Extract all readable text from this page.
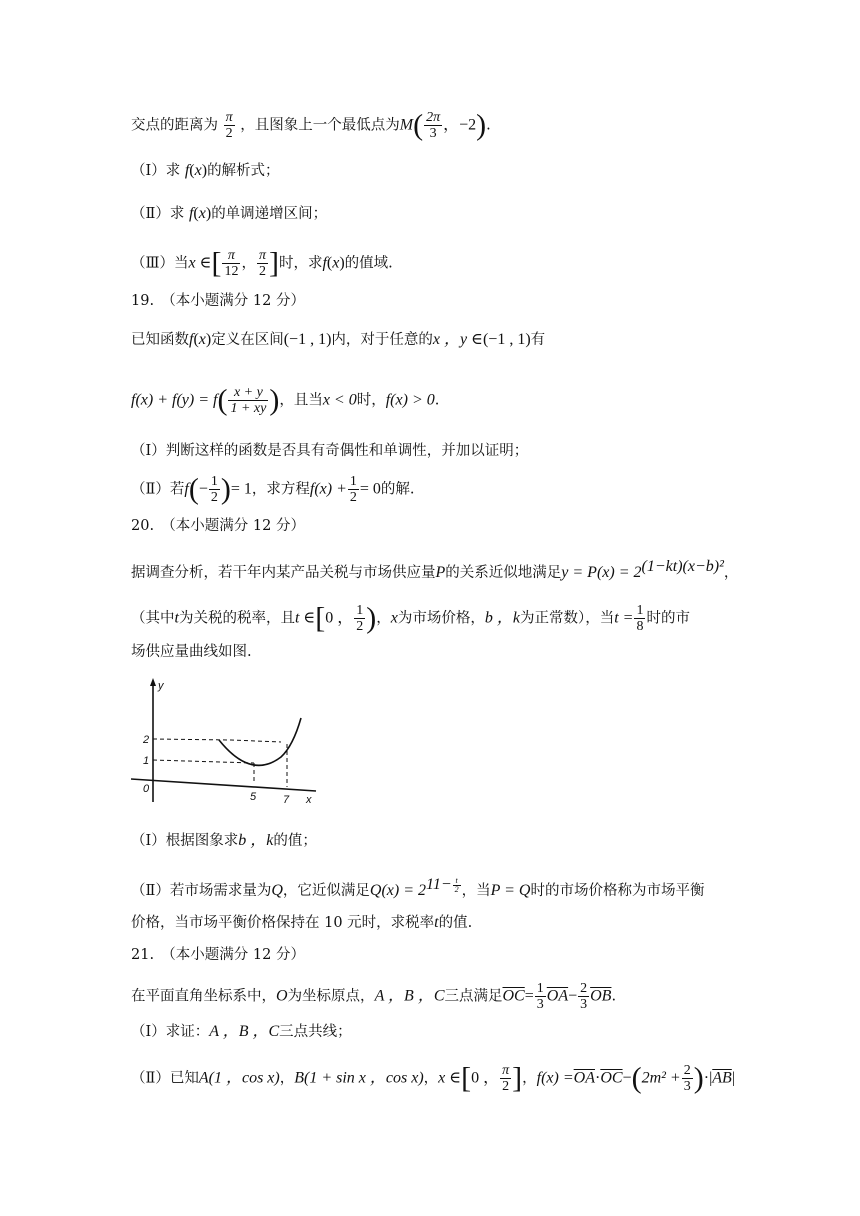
交点的距离为 $\frac{\pi}{2}$ ，且图象上一个最低点为$M( \frac{2\pi}{3}$ ，−2).
（Ⅰ）求 f(x)的解析式；
（Ⅱ）求 f(x)的单调递增区间；
（Ⅲ）当x ∈[ $\frac{\pi}{12}$ ， $\frac{\pi}{2}$ ]时，求f(x)的值域.
19.　（本小题满分 12 分）
已知函数f(x)定义在区间(−1 , 1)内，对于任意的x ，y ∈(−1 , 1)有
$f(x) + f(y) = f( \frac{x + y}{1 + xy}$ )，且当x < 0时，f(x) > 0.
（Ⅰ）判断这样的函数是否具有奇偶性和单调性，并加以证明；
（Ⅱ）若$f(- \frac{1}{2}$ )= 1，求方程$f(x) + \frac{1}{2} = 0$的解.
20.　（本小题满分 12 分）
据调查分析，若干年内某产品关税与市场供应量P的关系近似地满足$y = P(x) = 2^{(1-kt)(x-b)^2}$，
（其中t为关税的税率，且t ∈[0 ， $\frac{1}{2}$ )，x为市场价格，b ，k为正常数），当$t = \frac{1}{8}$ 时的市
场供应量曲线如图.
y
x
0
2
1
5 7
（Ⅰ）根据图象求b ，k的值；
（Ⅱ）若市场需求量为Q，它近似满足$Q(x) = 2^{11- \frac{t}{2}}$ ，当P = Q时的市场价格称为市场平衡
价格，当市场平衡价格保持在 10 元时，求税率t的值.
21.　（本小题满分 12 分）
在平面直角坐标系中，O为坐标原点，A ，B ，C三点满足$\overline{OC}= \frac{1}{3} \overline{OA}- \frac{2}{3} \overline{OB}$.
（Ⅰ）求证：A ，B ，C三点共线；
（Ⅱ）已知A(1 ，cos x)，B(1 + sin x ，cos x)，x ∈[0 ， $\frac{\pi}{2}$ ]，$f(x) =\overline{OA}\cdot\overline{OC}-(2m^2 + \frac{2}{3} )\cdot|\overline{AB}|$
